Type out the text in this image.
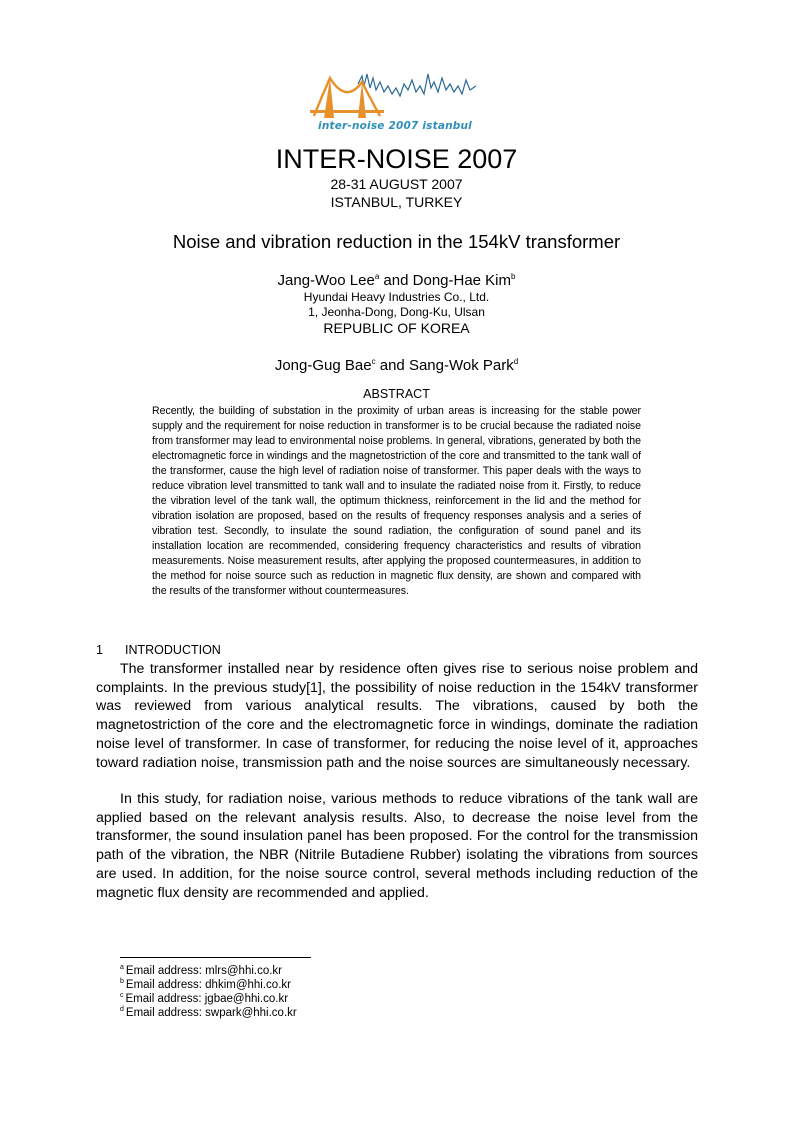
inter-noise 2007 istanbul
INTER-NOISE 2007
28-31 AUGUST 2007
ISTANBUL, TURKEY
Noise and vibration reduction in the 154kV transformer
Jang-Woo Lee$^a$ and Dong-Hae Kim$^b$
Hyundai Heavy Industries Co., Ltd.
1, Jeonha-Dong, Dong-Ku, Ulsan
REPUBLIC OF KOREA
Jong-Gug Bae$^c$ and Sang-Wok Park$^d$
ABSTRACT

Recently, the building of substation in the proximity of urban areas is increasing for the stable power supply and the requirement for noise reduction in transformer is to be crucial because the radiated noise from transformer may lead to environmental noise problems. In general, vibrations, generated by both the electromagnetic force in windings and the magnetostriction of the core and transmitted to the tank wall of the transformer, cause the high level of radiation noise of transformer. This paper deals with the ways to reduce vibration level transmitted to tank wall and to insulate the radiated noise from it. Firstly, to reduce the vibration level of the tank wall, the optimum thickness, reinforcement in the lid and the method for vibration isolation are proposed, based on the results of frequency responses analysis and a series of vibration test. Secondly, to insulate the sound radiation, the configuration of sound panel and its installation location are recommended, considering frequency characteristics and results of vibration measurements. Noise measurement results, after applying the proposed countermeasures, in addition to the method for noise source such as reduction in magnetic flux density, are shown and compared with the results of the transformer without countermeasures.

1 INTRODUCTION

The transformer installed near by residence often gives rise to serious noise problem and complaints. In the previous study[1], the possibility of noise reduction in the 154kV transformer was reviewed from various analytical results. The vibrations, caused by both the magnetostriction of the core and the electromagnetic force in windings, dominate the radiation noise level of transformer. In case of transformer, for reducing the noise level of it, approaches toward radiation noise, transmission path and the noise sources are simultaneously necessary.

In this study, for radiation noise, various methods to reduce vibrations of the tank wall are applied based on the relevant analysis results. Also, to decrease the noise level from the transformer, the sound insulation panel has been proposed. For the control for the transmission path of the vibration, the NBR (Nitrile Butadiene Rubber) isolating the vibrations from sources are used. In addition, for the noise source control, several methods including reduction of the magnetic flux density are recommended and applied.

$^a$ Email address: mlrs@hhi.co.kr
$^b$ Email address: dhkim@hhi.co.kr
$^c$ Email address: jgbae@hhi.co.kr
$^d$ Email address: swpark@hhi.co.kr
